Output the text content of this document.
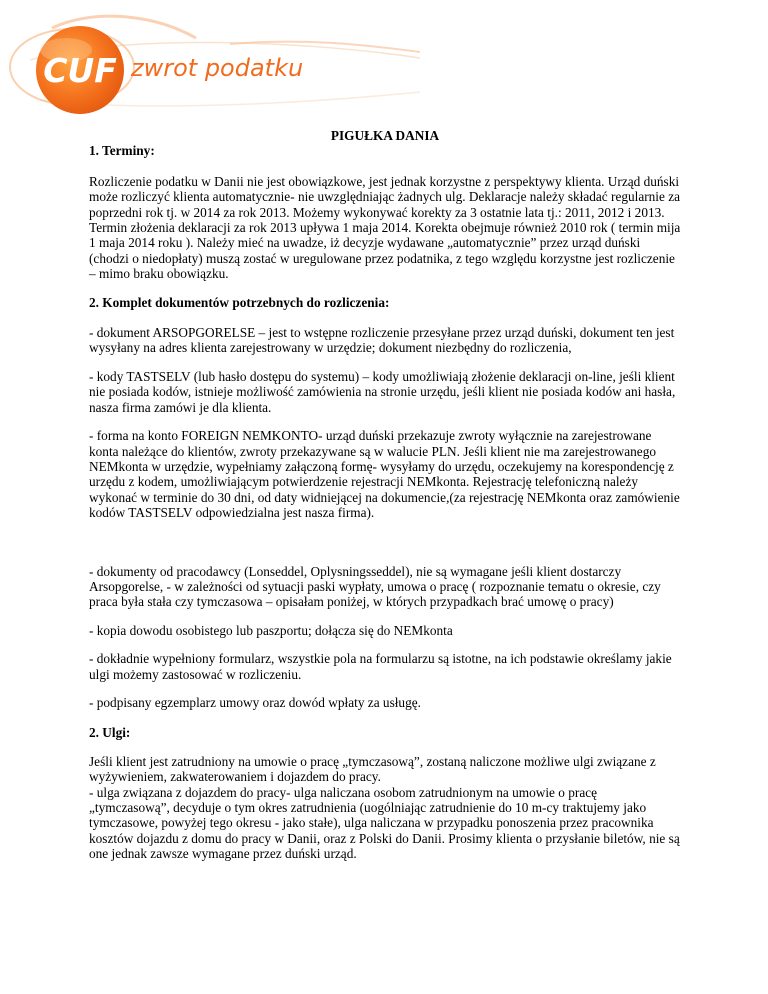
CUF zwrot podatku
PIGUŁKA DANIA
1. Terminy:

Rozliczenie podatku w Danii nie jest obowiązkowe, jest jednak korzystne z perspektywy klienta. Urząd duński może rozliczyć klienta automatycznie- nie uwzględniając żadnych ulg. Deklaracje należy składać regularnie za poprzedni rok tj. w 2014 za rok 2013. Możemy wykonywać korekty za 3 ostatnie lata tj.: 2011, 2012 i 2013. Termin złożenia deklaracji za rok 2013 upływa 1 maja 2014. Korekta obejmuje również 2010 rok ( termin mija 1 maja 2014 roku ). Należy mieć na uwadze, iż decyzje wydawane „automatycznie” przez urząd duński (chodzi o niedopłaty) muszą zostać w uregulowane przez podatnika, z tego względu korzystne jest rozliczenie – mimo braku obowiązku.

2. Komplet dokumentów potrzebnych do rozliczenia:

- dokument ARSOPGORELSE – jest to wstępne rozliczenie przesyłane przez urząd duński, dokument ten jest wysyłany na adres klienta zarejestrowany w urzędzie; dokument niezbędny do rozliczenia,

- kody TASTSELV (lub hasło dostępu do systemu) – kody umożliwiają złożenie deklaracji on-line, jeśli klient nie posiada kodów, istnieje możliwość zamówienia na stronie urzędu, jeśli klient nie posiada kodów ani hasła, nasza firma zamówi je dla klienta.

- forma na konto FOREIGN NEMKONTO- urząd duński przekazuje zwroty wyłącznie na zarejestrowane konta należące do klientów, zwroty przekazywane są w walucie PLN. Jeśli klient nie ma zarejestrowanego NEMkonta w urzędzie, wypełniamy załączoną formę- wysyłamy do urzędu, oczekujemy na korespondencję z urzędu z kodem, umożliwiającym potwierdzenie rejestracji NEMkonta. Rejestrację telefoniczną należy wykonać w terminie do 30 dni, od daty widniejącej na dokumencie,(za rejestrację NEMkonta oraz zamówienie kodów TASTSELV odpowiedzialna jest nasza firma).

- dokumenty od pracodawcy (Lonseddel, Oplysningsseddel), nie są wymagane jeśli klient dostarczy Arsopgorelse, - w zależności od sytuacji paski wypłaty, umowa o pracę ( rozpoznanie tematu o okresie, czy praca była stała czy tymczasowa – opisałam poniżej, w których przypadkach brać umowę o pracy)

- kopia dowodu osobistego lub paszportu; dołącza się do NEMkonta

- dokładnie wypełniony formularz, wszystkie pola na formularzu są istotne, na ich podstawie określamy jakie ulgi możemy zastosować w rozliczeniu.

- podpisany egzemplarz umowy oraz dowód wpłaty za usługę.

2. Ulgi:

Jeśli klient jest zatrudniony na umowie o pracę „tymczasową”, zostaną naliczone możliwe ulgi związane z wyżywieniem, zakwaterowaniem i dojazdem do pracy.

- ulga związana z dojazdem do pracy- ulga naliczana osobom zatrudnionym na umowie o pracę „tymczasową”, decyduje o tym okres zatrudnienia (uogólniając zatrudnienie do 10 m-cy traktujemy jako tymczasowe, powyżej tego okresu - jako stałe), ulga naliczana w przypadku ponoszenia przez pracownika kosztów dojazdu z domu do pracy w Danii, oraz z Polski do Danii. Prosimy klienta o przysłanie biletów, nie są one jednak zawsze wymagane przez duński urząd.
